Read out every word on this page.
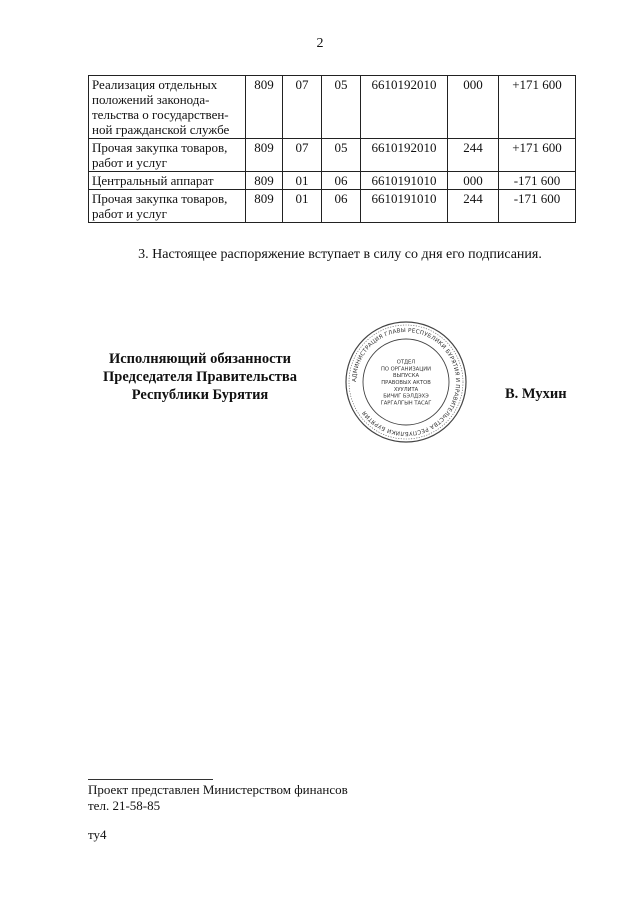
2
Реализация отдельных положений законода-тельства о государствен-ной гражданской службе	809	07	05	6610192010	000	+171 600
Прочая закупка товаров, работ и услуг	809	07	05	6610192010	244	+171 600
Центральный аппарат	809	01	06	6610191010	000	-171 600
Прочая закупка товаров, работ и услуг	809	01	06	6610191010	244	-171 600
3. Настоящее распоряжение вступает в силу со дня его подписания.
Исполняющий обязанности
Председателя Правительства
Республики Бурятия
АДМИНИСТРАЦИЯ ГЛАВЫ РЕСПУБЛИКИ БУРЯТИЯ И ПРАВИТЕЛЬСТВА РЕСПУБЛИКИ БУРЯТИЯ
ОТДЕЛ
ПО ОРГАНИЗАЦИИ
ВЫПУСКА
ПРАВОВЫХ АКТОВ
ХУУЛИТА
БИЧИГ БЭЛДЭХЭ
ГАРГАЛГЫН ТАСАГ
В. Мухин
Проект представлен Министерством финансов
тел. 21-58-85
ту4
